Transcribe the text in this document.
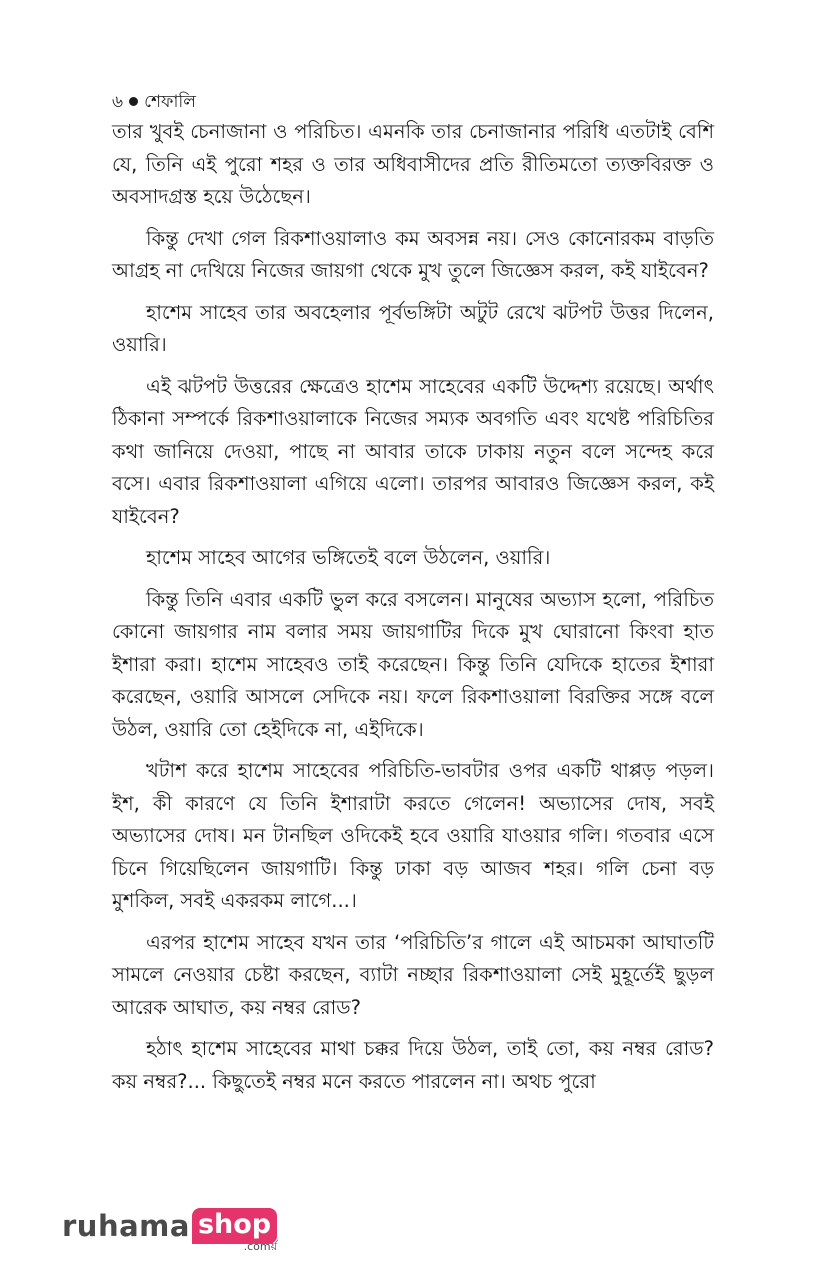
৬ শেফালি

তার খুবই চেনাজানা ও পরিচিত। এমনকি তার চেনাজানার পরিধি এতটাই বেশি যে, তিনি এই পুরো শহর ও তার অধিবাসীদের প্রতি রীতিমতো ত্যক্তবিরক্ত ও অবসাদগ্রস্ত হয়ে উঠেছেন।

কিন্তু দেখা গেল রিকশাওয়ালাও কম অবসন্ন নয়। সেও কোনোরকম বাড়তি আগ্রহ না দেখিয়ে নিজের জায়গা থেকে মুখ তুলে জিজ্ঞেস করল, কই যাইবেন?

হাশেম সাহেব তার অবহেলার পূর্বভঙ্গিটা অটুট রেখে ঝটপট উত্তর দিলেন, ওয়ারি।

এই ঝটপট উত্তরের ক্ষেত্রেও হাশেম সাহেবের একটি উদ্দেশ্য রয়েছে। অর্থাৎ ঠিকানা সম্পর্কে রিকশাওয়ালাকে নিজের সম্যক অবগতি এবং যথেষ্ট পরিচিতির কথা জানিয়ে দেওয়া, পাছে না আবার তাকে ঢাকায় নতুন বলে সন্দেহ করে বসে। এবার রিকশাওয়ালা এগিয়ে এলো। তারপর আবারও জিজ্ঞেস করল, কই যাইবেন?

হাশেম সাহেব আগের ভঙ্গিতেই বলে উঠলেন, ওয়ারি।

কিন্তু তিনি এবার একটি ভুল করে বসলেন। মানুষের অভ্যাস হলো, পরিচিত কোনো জায়গার নাম বলার সময় জায়গাটির দিকে মুখ ঘোরানো কিংবা হাত ইশারা করা। হাশেম সাহেবও তাই করেছেন। কিন্তু তিনি যেদিকে হাতের ইশারা করেছেন, ওয়ারি আসলে সেদিকে নয়। ফলে রিকশাওয়ালা বিরক্তির সঙ্গে বলে উঠল, ওয়ারি তো হেইদিকে না, এইদিকে।

খটাশ করে হাশেম সাহেবের পরিচিতি-ভাবটার ওপর একটি থাপ্পড় পড়ল। ইশ, কী কারণে যে তিনি ইশারাটা করতে গেলেন! অভ্যাসের দোষ, সবই অভ্যাসের দোষ। মন টানছিল ওদিকেই হবে ওয়ারি যাওয়ার গলি। গতবার এসে চিনে গিয়েছিলেন জায়গাটি। কিন্তু ঢাকা বড় আজব শহর। গলি চেনা বড় মুশকিল, সবই একরকম লাগে...।

এরপর হাশেম সাহেব যখন তার ‘পরিচিতি’র গালে এই আচমকা আঘাতটি সামলে নেওয়ার চেষ্টা করছেন, ব্যাটা নচ্ছার রিকশাওয়ালা সেই মুহূর্তেই ছুড়ল আরেক আঘাত, কয় নম্বর রোড?

হঠাৎ হাশেম সাহেবের মাথা চক্কর দিয়ে উঠল, তাই তো, কয় নম্বর রোড? কয় নম্বর?... কিছুতেই নম্বর মনে করতে পারলেন না। অথচ পুরো

ruhama shop
.comর্য়
